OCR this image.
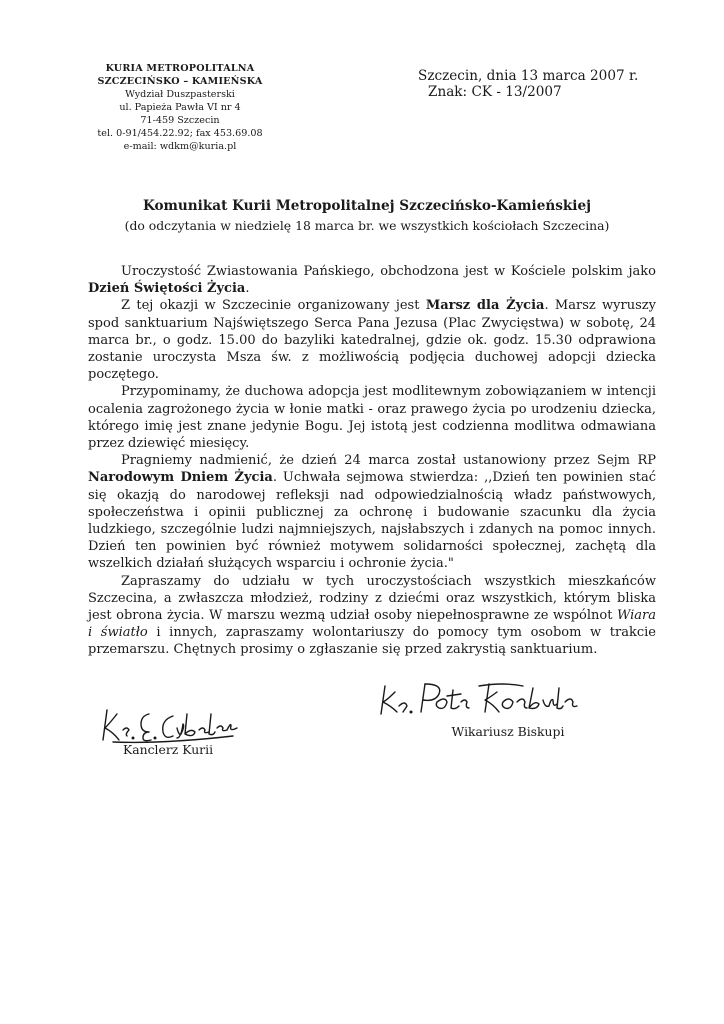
KURIA METROPOLITALNA
SZCZECIŃSKO – KAMIEŃSKA
Wydział Duszpasterski
ul. Papieża Pawła VI nr 4
71-459 Szczecin
tel. 0-91/454.22.92; fax 453.69.08
e-mail: wdkm@kuria.pl
Szczecin, dnia 13 marca 2007 r.
Znak: CK - 13/2007
Komunikat Kurii Metropolitalnej Szczecińsko-Kamieńskiej
(do odczytania w niedzielę 18 marca br. we wszystkich kościołach Szczecina)

Uroczystość Zwiastowania Pańskiego, obchodzona jest w Kościele polskim jako Dzień Świętości Życia.

Z tej okazji w Szczecinie organizowany jest Marsz dla Życia. Marsz wyruszy spod sanktuarium Najświętszego Serca Pana Jezusa (Plac Zwycięstwa) w sobotę, 24 marca br., o godz. 15.00 do bazyliki katedralnej, gdzie ok. godz. 15.30 odprawiona zostanie uroczysta Msza św. z możliwością podjęcia duchowej adopcji dziecka poczętego.

Przypominamy, że duchowa adopcja jest modlitewnym zobowiązaniem w intencji ocalenia zagrożonego życia w łonie matki - oraz prawego życia po urodzeniu dziecka, którego imię jest znane jedynie Bogu. Jej istotą jest codzienna modlitwa odmawiana przez dziewięć miesięcy.

Pragniemy nadmienić, że dzień 24 marca został ustanowiony przez Sejm RP Narodowym Dniem Życia. Uchwała sejmowa stwierdza: ,,Dzień ten powinien stać się okazją do narodowej refleksji nad odpowiedzialnością władz państwowych, społeczeństwa i opinii publicznej za ochronę i budowanie szacunku dla życia ludzkiego, szczególnie ludzi najmniejszych, najsłabszych i zdanych na pomoc innych. Dzień ten powinien być również motywem solidarności społecznej, zachętą dla wszelkich działań służących wsparciu i ochronie życia."

Zapraszamy do udziału w tych uroczystościach wszystkich mieszkańców Szczecina, a zwłaszcza młodzież, rodziny z dziećmi oraz wszystkich, którym bliska jest obrona życia. W marszu wezmą udział osoby niepełnosprawne ze wspólnot Wiara i światło i innych, zapraszamy wolontariuszy do pomocy tym osobom w trakcie przemarszu. Chętnych prosimy o zgłaszanie się przed zakrystią sanktuarium.

Kanclerz Kurii
Wikariusz Biskupi
